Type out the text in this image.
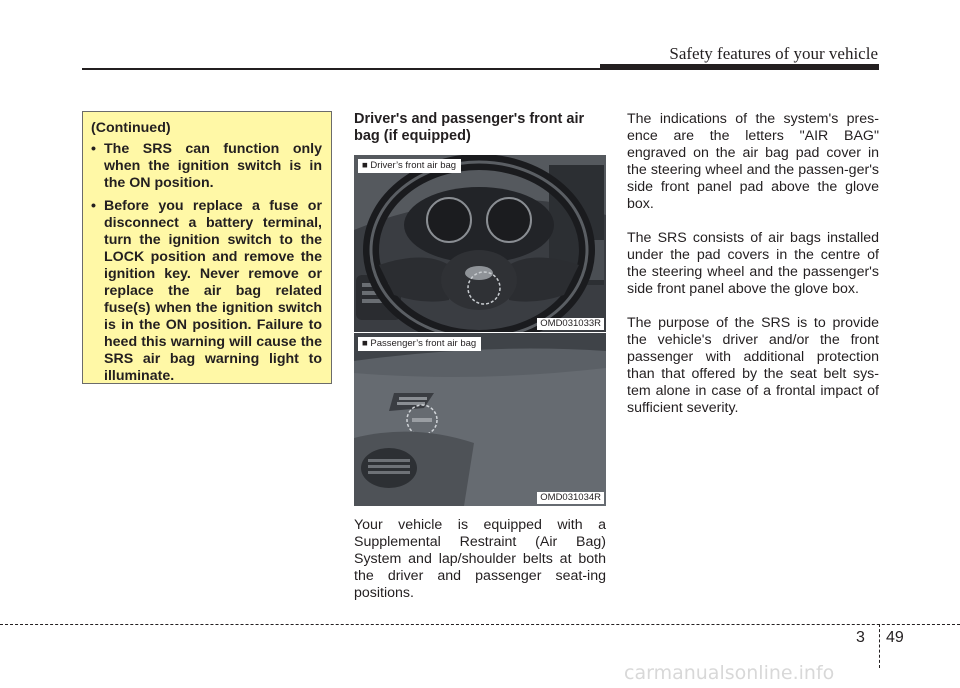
Safety features of your vehicle
(Continued)
• The SRS can function only when the ignition switch is in the ON position.
• Before you replace a fuse or disconnect a battery terminal, turn the ignition switch to the LOCK position and remove the ignition key. Never remove or replace the air bag related fuse(s) when the ignition switch is in the ON position. Failure to heed this warning will cause the SRS air bag warning light to illuminate.
Driver's and passenger's front air bag (if equipped)
■ Driver’s front air bag
OMD031033R
■ Passenger’s front air bag
OMD031034R

Your vehicle is equipped with a Supplemental Restraint (Air Bag) System and lap/shoulder belts at both the driver and passenger seat-ing positions.

The indications of the system's pres-ence are the letters "AIR BAG" engraved on the air bag pad cover in the steering wheel and the passen-ger's side front panel pad above the glove box.

The SRS consists of air bags installed under the pad covers in the centre of the steering wheel and the passenger's side front panel above the glove box.

The purpose of the SRS is to provide the vehicle's driver and/or the front passenger with additional protection than that offered by the seat belt sys-tem alone in case of a frontal impact of sufficient severity.

3 49
carmanualsonline.info
